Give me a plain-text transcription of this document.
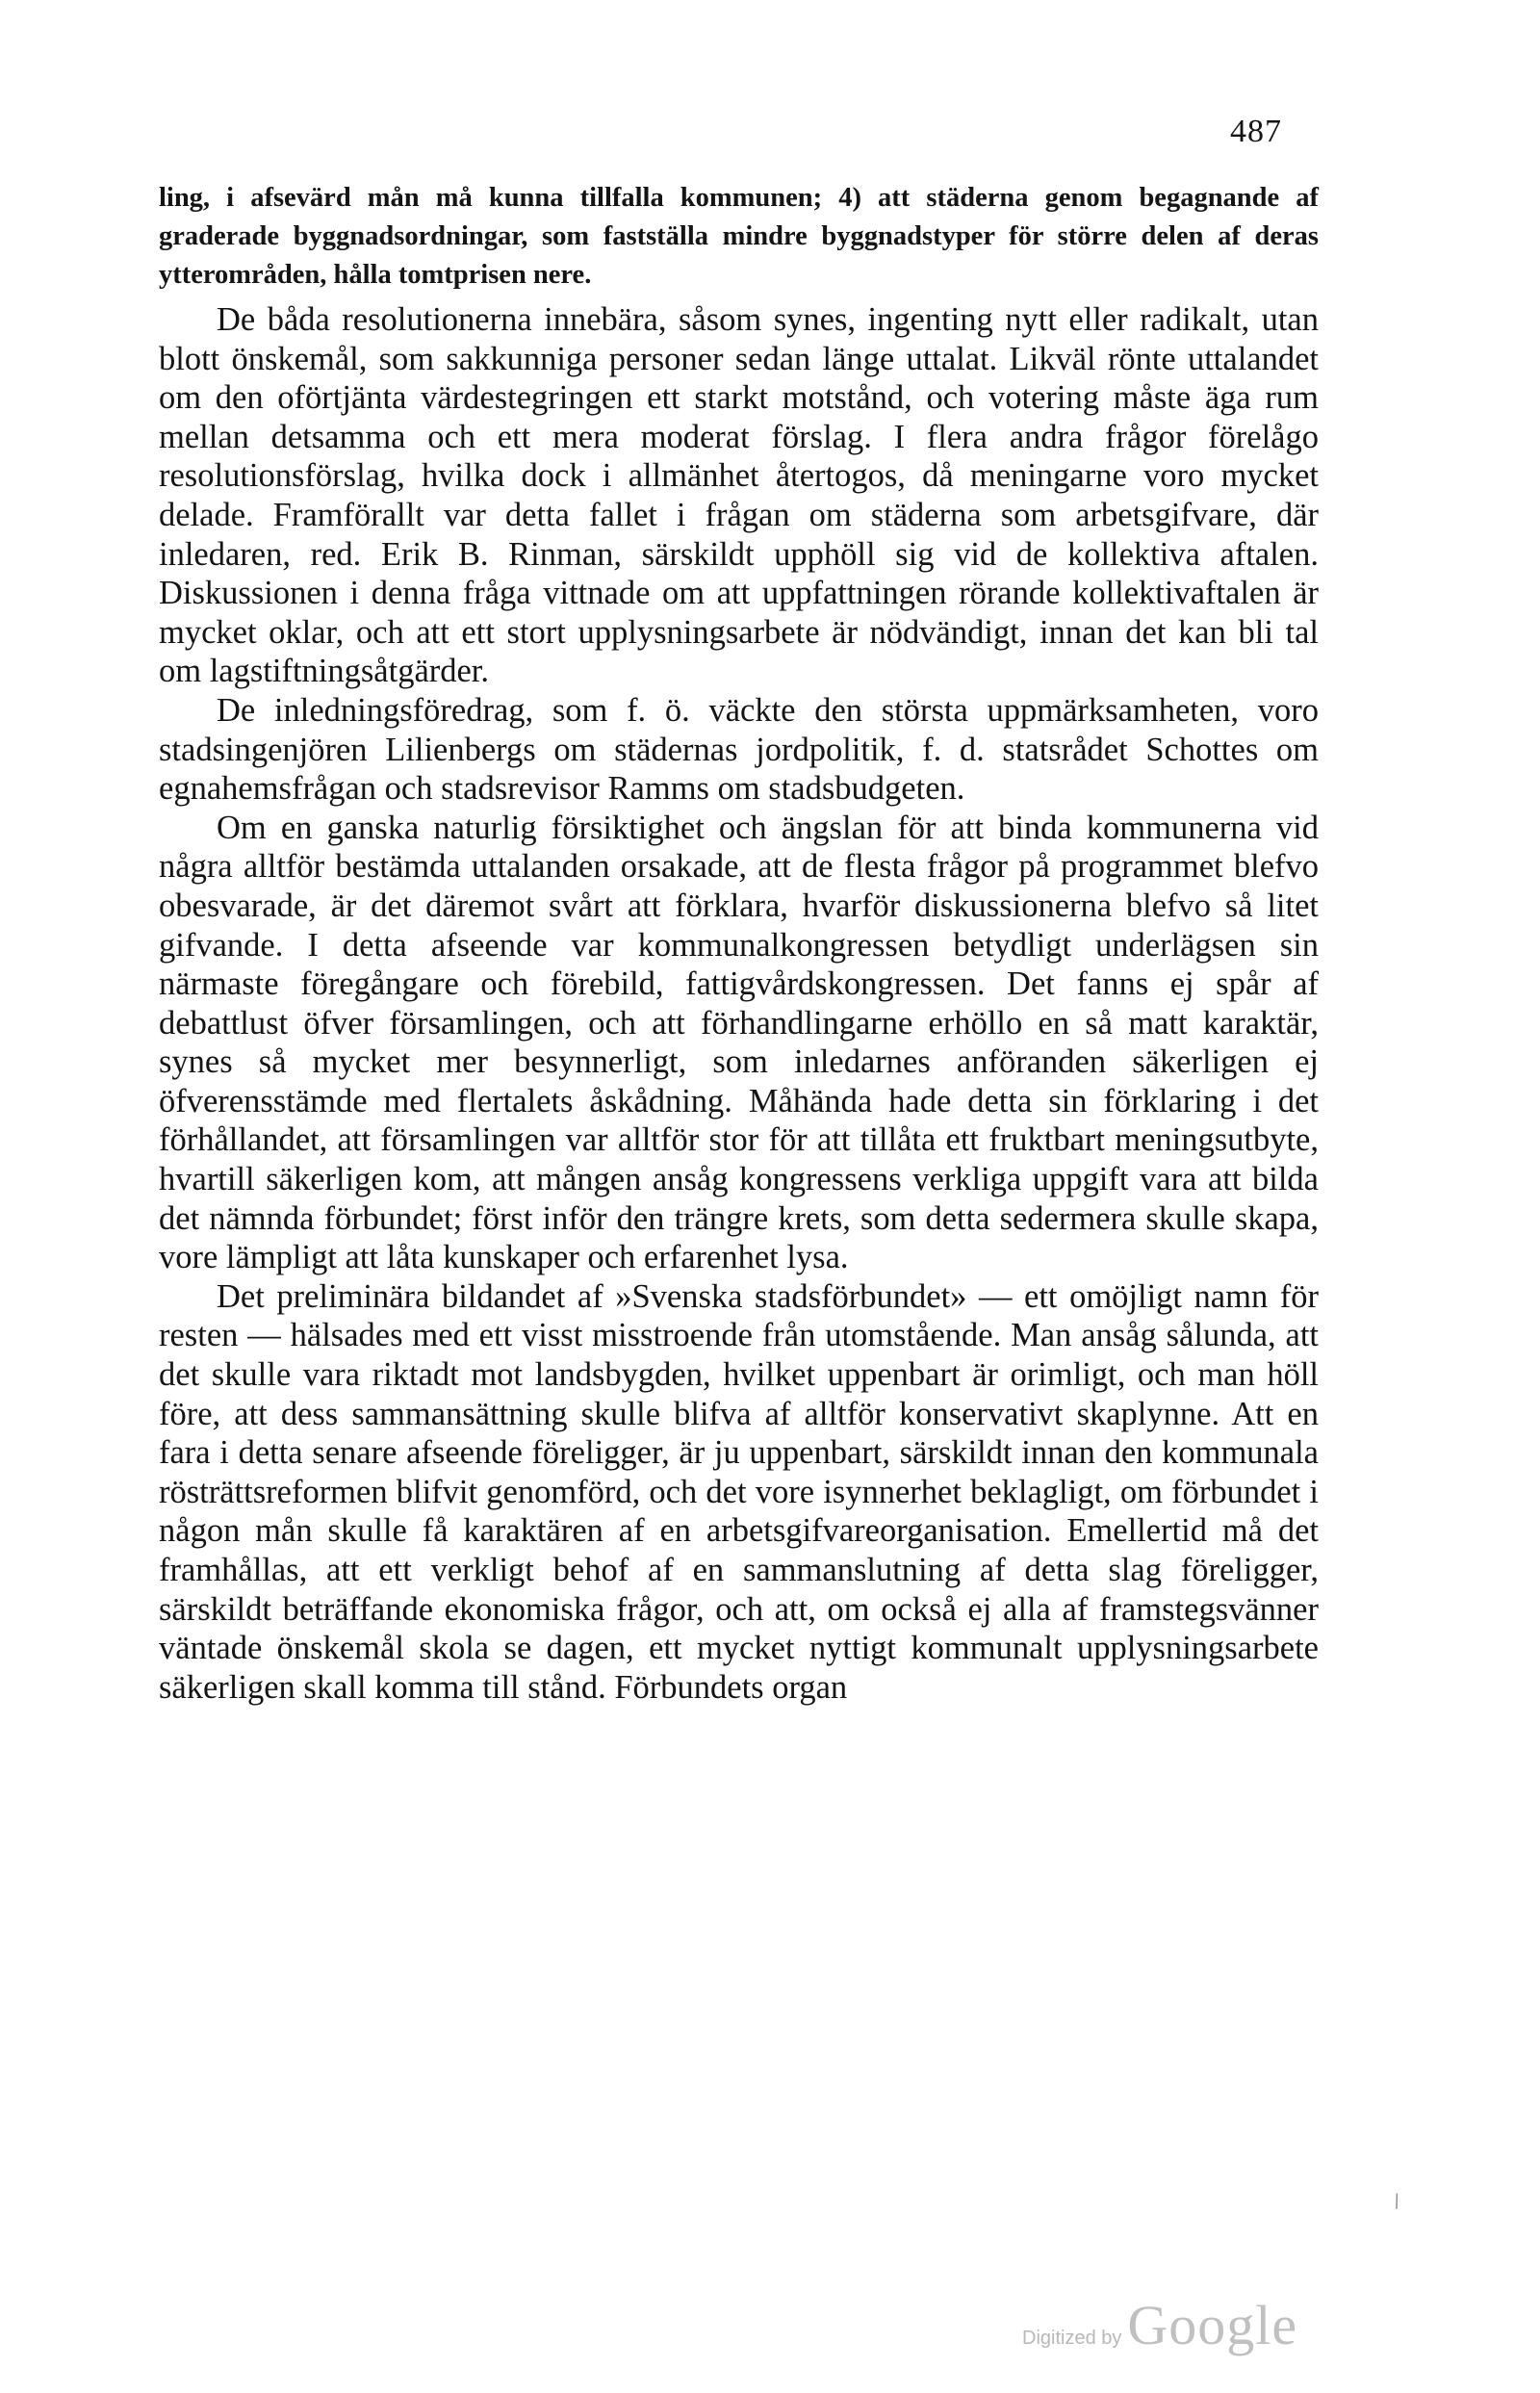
487

ling, i afsevärd mån må kunna tillfalla kommunen; 4) att städerna genom begagnande af graderade byggnadsordningar, som fastställa mindre byggnadstyper för större delen af deras ytterområden, hålla tomtprisen nere.

De båda resolutionerna innebära, såsom synes, ingenting nytt eller radikalt, utan blott önskemål, som sakkunniga personer sedan länge uttalat. Likväl rönte uttalandet om den oförtjänta värdestegringen ett starkt motstånd, och votering måste äga rum mellan detsamma och ett mera moderat förslag. I flera andra frågor förelågo resolutionsförslag, hvilka dock i allmänhet återtogos, då meningarne voro mycket delade. Framförallt var detta fallet i frågan om städerna som arbetsgifvare, där inledaren, red. Erik B. Rinman, särskildt upphöll sig vid de kollektiva aftalen. Diskussionen i denna fråga vittnade om att uppfattningen rörande kollektivaftalen är mycket oklar, och att ett stort upplysningsarbete är nödvändigt, innan det kan bli tal om lagstiftningsåtgärder.

De inledningsföredrag, som f. ö. väckte den största uppmärksamheten, voro stadsingenjören Lilienbergs om städernas jordpolitik, f. d. statsrådet Schottes om egnahemsfrågan och stadsrevisor Ramms om stadsbudgeten.

Om en ganska naturlig försiktighet och ängslan för att binda kommunerna vid några alltför bestämda uttalanden orsakade, att de flesta frågor på programmet blefvo obesvarade, är det däremot svårt att förklara, hvarför diskussionerna blefvo så litet gifvande. I detta afseende var kommunalkongressen betydligt underlägsen sin närmaste föregångare och förebild, fattigvårdskongressen. Det fanns ej spår af debattlust öfver församlingen, och att förhandlingarne erhöllo en så matt karaktär, synes så mycket mer besynnerligt, som inledarnes anföranden säkerligen ej öfverensstämde med flertalets åskådning. Måhända hade detta sin förklaring i det förhållandet, att församlingen var alltför stor för att tillåta ett fruktbart meningsutbyte, hvartill säkerligen kom, att mången ansåg kongressens verkliga uppgift vara att bilda det nämnda förbundet; först inför den trängre krets, som detta sedermera skulle skapa, vore lämpligt att låta kunskaper och erfarenhet lysa.

Det preliminära bildandet af »Svenska stadsförbundet» — ett omöjligt namn för resten — hälsades med ett visst misstroende från utomstående. Man ansåg sålunda, att det skulle vara riktadt mot landsbygden, hvilket uppenbart är orimligt, och man höll före, att dess sammansättning skulle blifva af alltför konservativt skaplynne. Att en fara i detta senare afseende föreligger, är ju uppenbart, särskildt innan den kommunala rösträttsreformen blifvit genomförd, och det vore isynnerhet beklagligt, om förbundet i någon mån skulle få karaktären af en arbetsgifvareorganisation. Emellertid må det framhållas, att ett verkligt behof af en sammanslutning af detta slag föreligger, särskildt beträffande ekonomiska frågor, och att, om också ej alla af framstegsvänner väntade önskemål skola se dagen, ett mycket nyttigt kommunalt upplysningsarbete säkerligen skall komma till stånd. Förbundets organ

⁄
Digitized by Google
